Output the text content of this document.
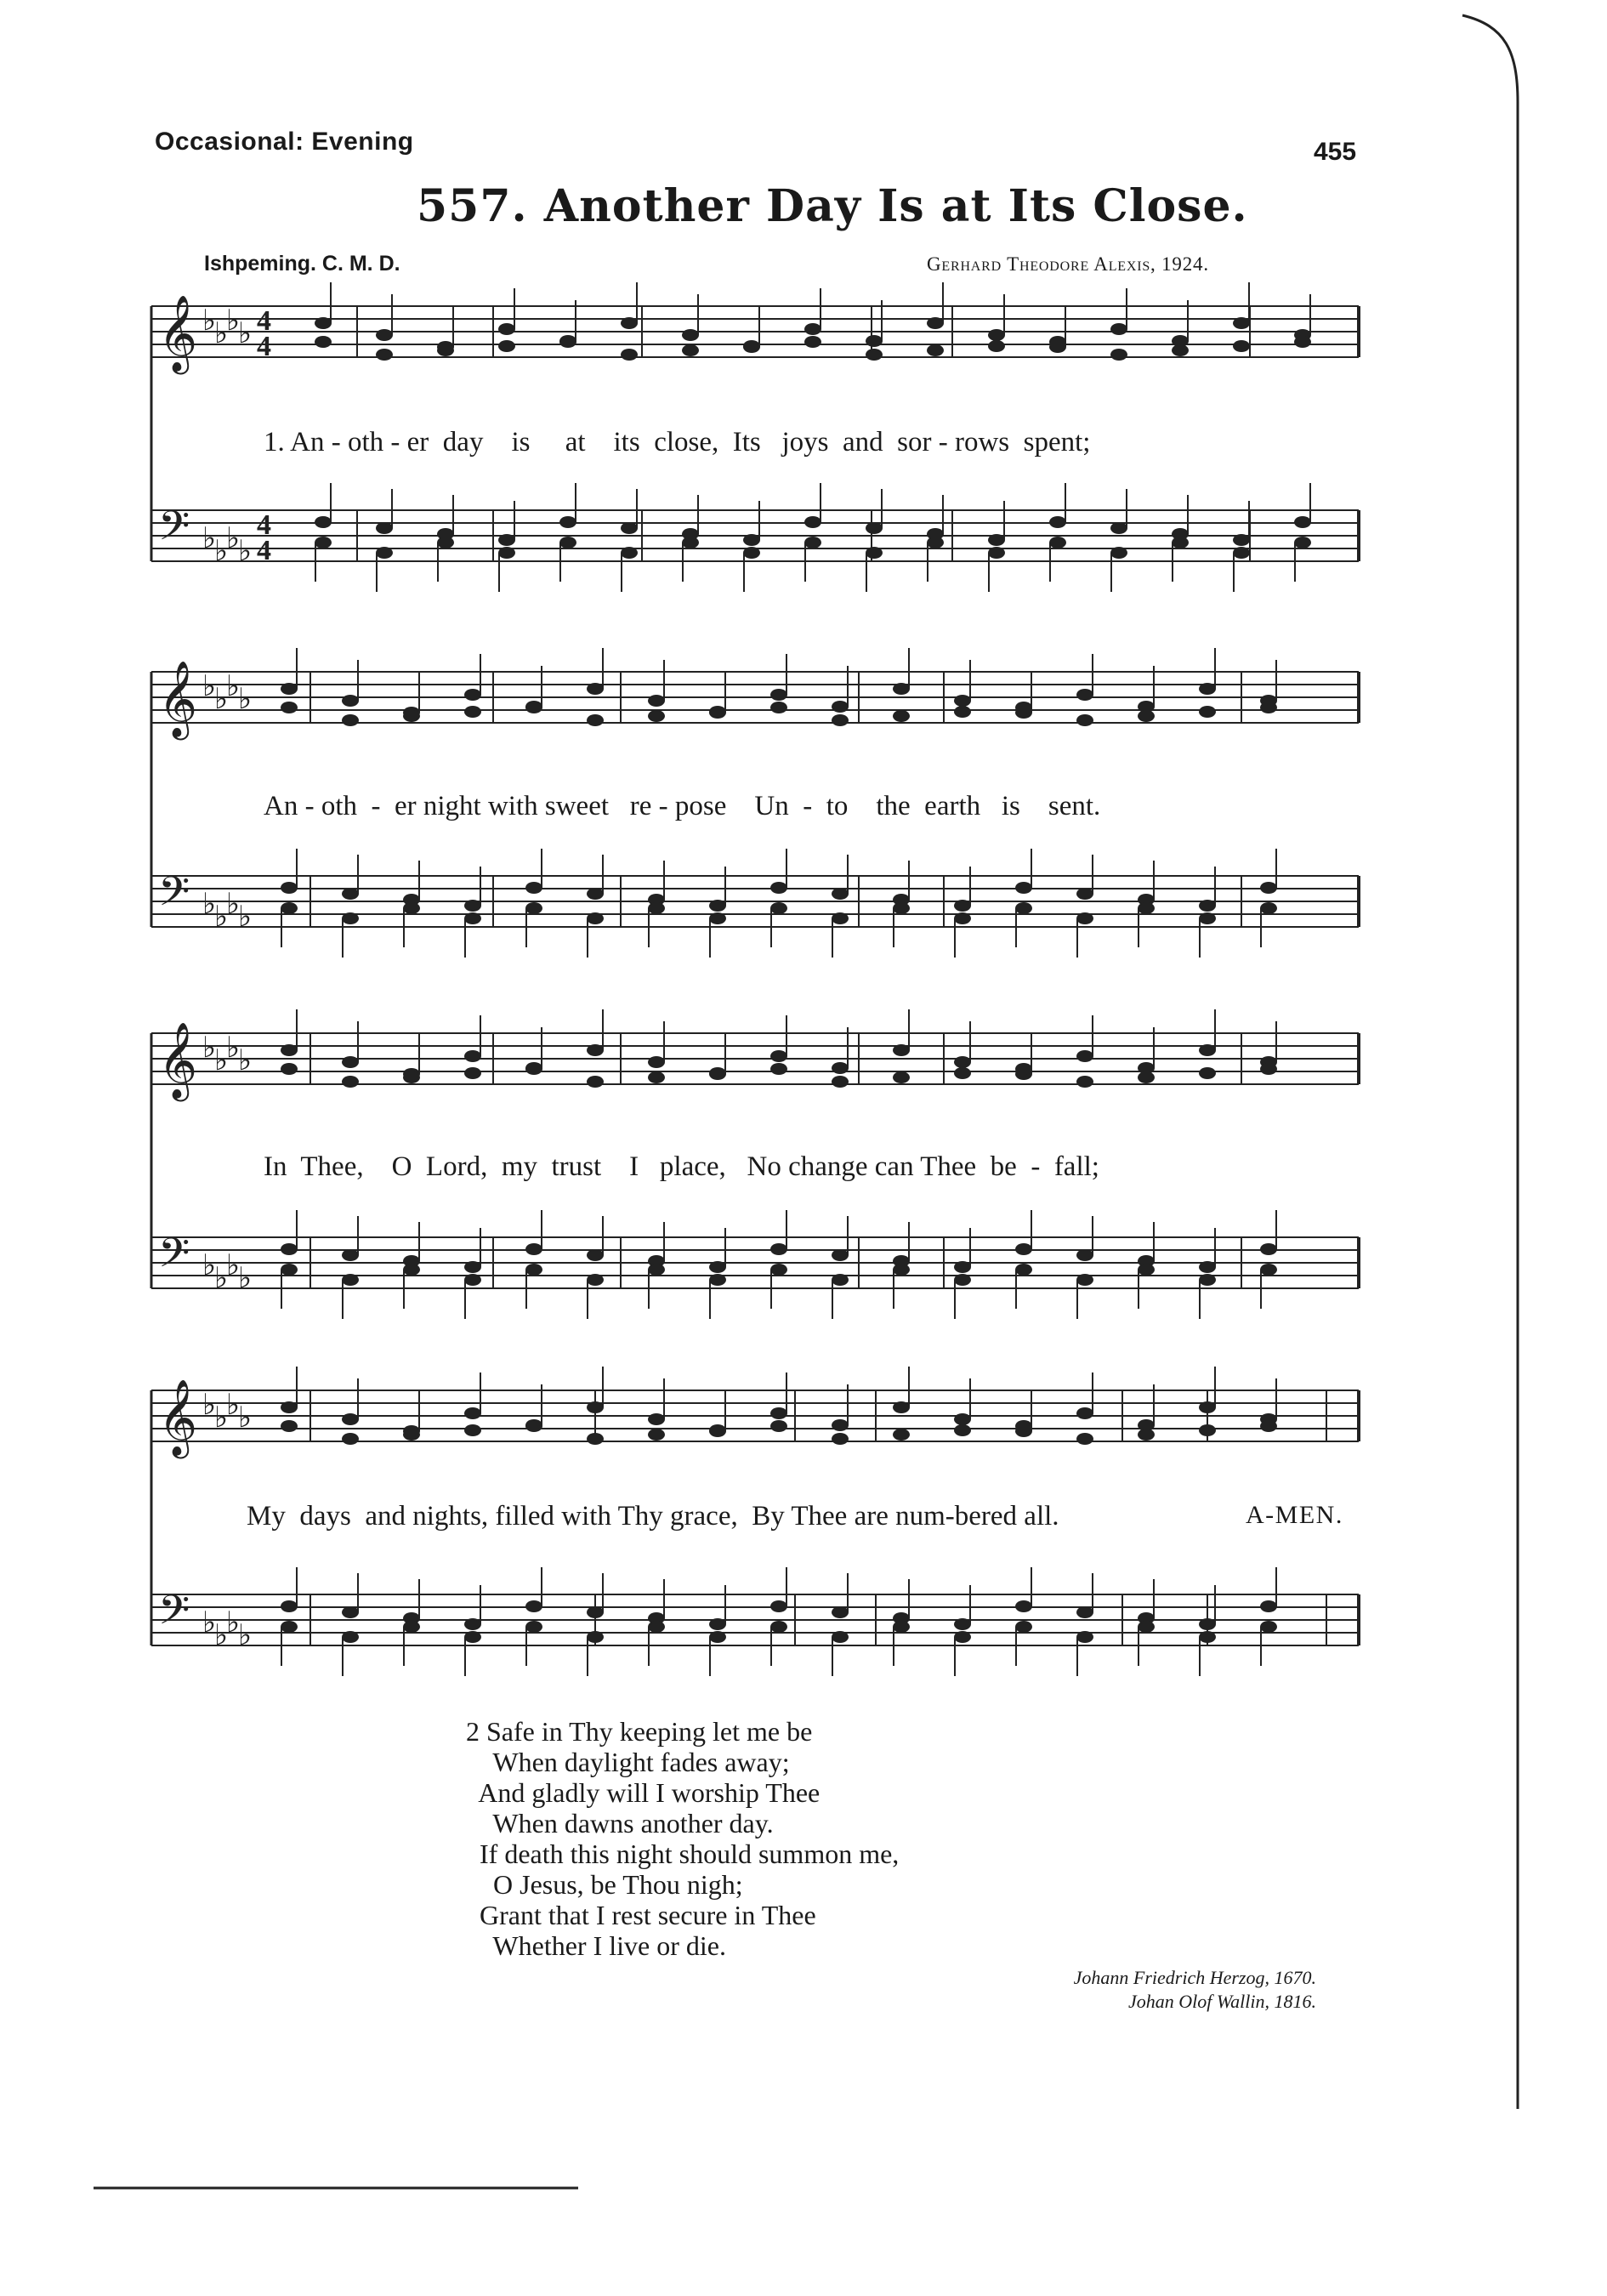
Occasional: Evening	455
557. Another Day Is at Its Close.
Ishpeming. C. M. D.	Gerhard Theodore Alexis, 1924.
𝄞
𝄢
♭
♭
♭
♭
♭
♭
♭
♭
4
4
4
4
𝄞
𝄢
♭
♭
♭
♭
♭
♭
♭
♭
𝄞
𝄢
♭
♭
♭
♭
♭
♭
♭
♭
𝄞
𝄢
♭
♭
♭
♭
♭
♭
♭
♭
1. An - oth - er  day    is     at    its  close,  Its   joys  and  sor - rows  spent;
An - oth  -  er night with sweet   re - pose    Un  -  to    the  earth   is    sent.
In  Thee,    O  Lord,  my  trust    I   place,   No change can Thee  be  -  fall;
My  days  and nights, filled with Thy grace,  By Thee are num-bered all.	A-MEN.
2 Safe in Thy keeping let me be
When daylight fades away;
And gladly will I worship Thee
When dawns another day.
If death this night should summon me,
O Jesus, be Thou nigh;
Grant that I rest secure in Thee
Whether I live or die.
Johann Friedrich Herzog, 1670.
Johan Olof Wallin, 1816.
